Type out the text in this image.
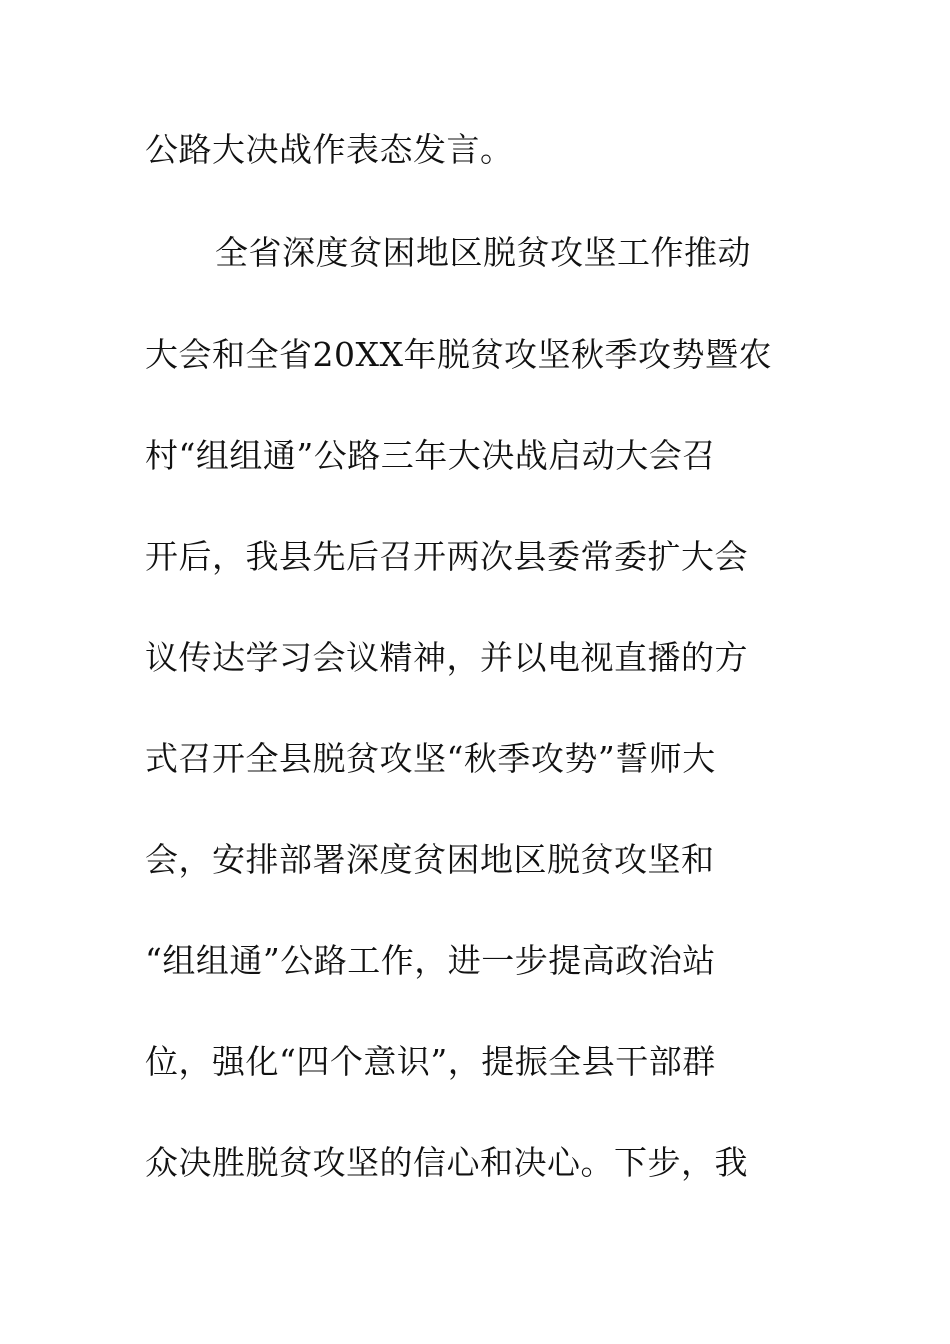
公路大决战作表态发言。
全省深度贫困地区脱贫攻坚工作推动
大会和全省20XX年脱贫攻坚秋季攻势暨农
村“组组通”公路三年大决战启动大会召
开后，我县先后召开两次县委常委扩大会
议传达学习会议精神，并以电视直播的方
式召开全县脱贫攻坚“秋季攻势”誓师大
会，安排部署深度贫困地区脱贫攻坚和
“组组通”公路工作，进一步提高政治站
位，强化“四个意识”，提振全县干部群
众决胜脱贫攻坚的信心和决心。下步，我
